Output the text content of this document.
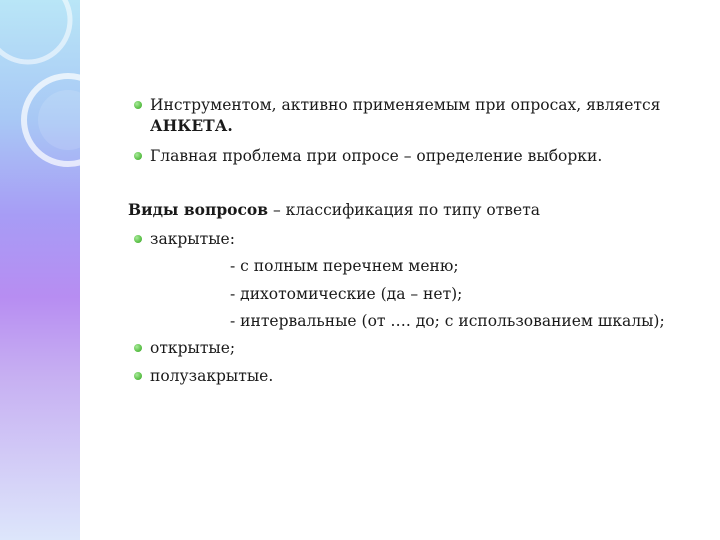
Инструментом, активно применяемым при опросах, является
АНКЕТА.
Главная проблема при опросе – определение выборки.
Виды вопросов – классификация по типу ответа
закрытые:
- с полным перечнем меню;
- дихотомические (да – нет);
- интервальные (от …. до; с использованием шкалы);
открытые;
полузакрытые.
